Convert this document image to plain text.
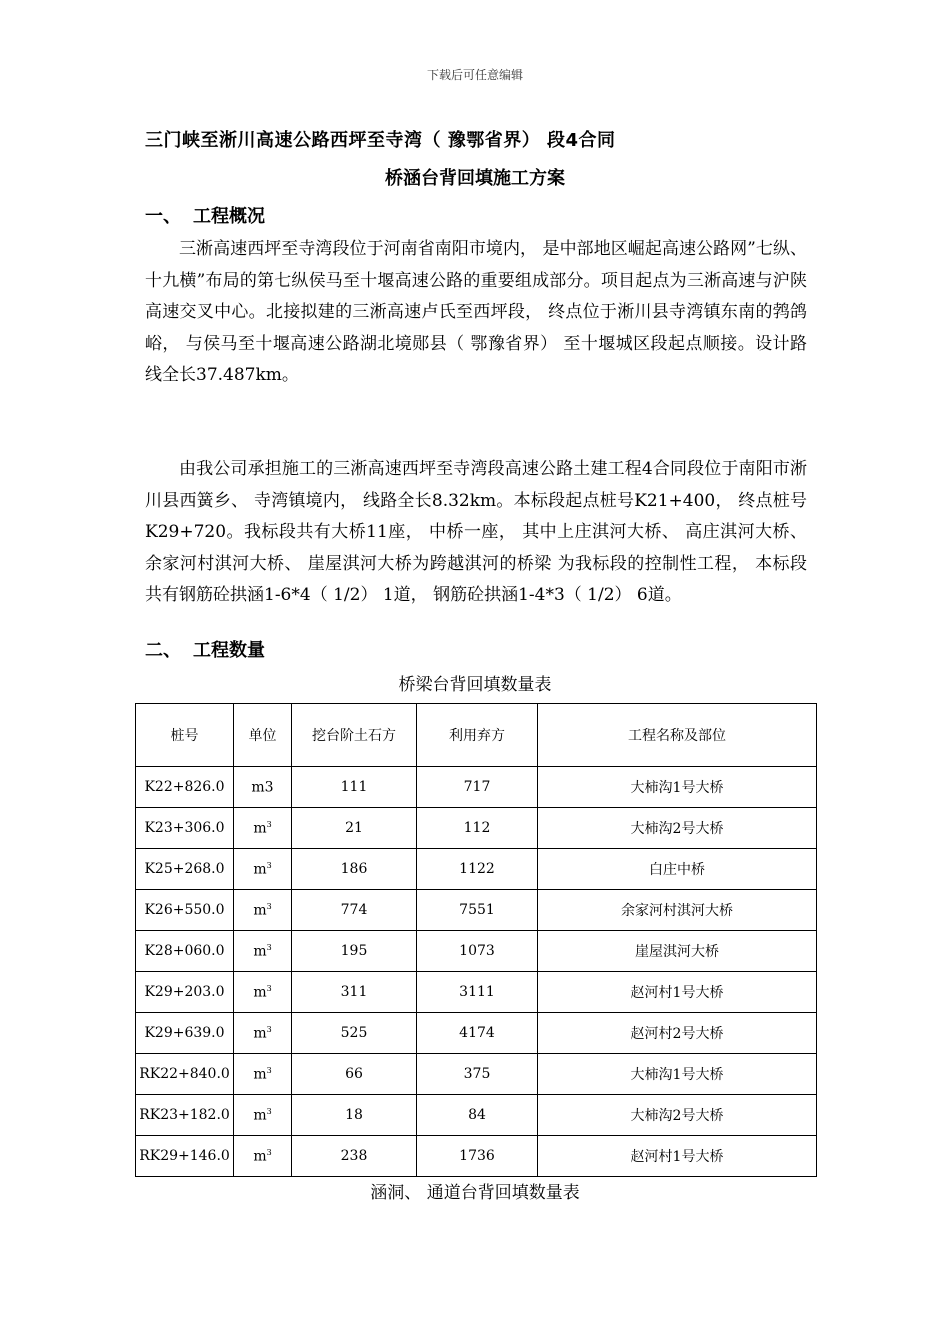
下载后可任意编辑
三门峡至淅川高速公路西坪至寺湾（ 豫鄂省界） 段4合同
桥涵台背回填施工方案
一、 工程概况
三淅高速西坪至寺湾段位于河南省南阳市境内， 是中部地区崛起高速公路网”七纵、 十九横”布局的第七纵侯马至十堰高速公路的重要组成部分。项目起点为三淅高速与沪陕高速交叉中心。北接拟建的三淅高速卢氏至西坪段， 终点位于淅川县寺湾镇东南的鹁鸽峪， 与侯马至十堰高速公路湖北境郧县（ 鄂豫省界） 至十堰城区段起点顺接。设计路线全长37.487km。
由我公司承担施工的三淅高速西坪至寺湾段高速公路土建工程4合同段位于南阳市淅川县西簧乡、 寺湾镇境内， 线路全长8.32km。本标段起点桩号K21+400， 终点桩号K29+720。我标段共有大桥11座， 中桥一座， 其中上庄淇河大桥、 高庄淇河大桥、 余家河村淇河大桥、 崖屋淇河大桥为跨越淇河的桥梁 为我标段的控制性工程， 本标段共有钢筋砼拱涵1-6*4（ 1/2） 1道， 钢筋砼拱涵1-4*3（ 1/2） 6道。
二、 工程数量
桥梁台背回填数量表
桩号	单位	挖台阶土石方	利用弃方	工程名称及部位
K22+826.0	m3	111	717	大柿沟1号大桥
K23+306.0	$m^3$	21	112	大柿沟2号大桥
K25+268.0	$m^3$	186	1122	白庄中桥
K26+550.0	$m^3$	774	7551	余家河村淇河大桥
K28+060.0	$m^3$	195	1073	崖屋淇河大桥
K29+203.0	$m^3$	311	3111	赵河村1号大桥
K29+639.0	$m^3$	525	4174	赵河村2号大桥
RK22+840.0	$m^3$	66	375	大柿沟1号大桥
RK23+182.0	$m^3$	18	84	大柿沟2号大桥
RK29+146.0	$m^3$	238	1736	赵河村1号大桥
涵洞、 通道台背回填数量表
